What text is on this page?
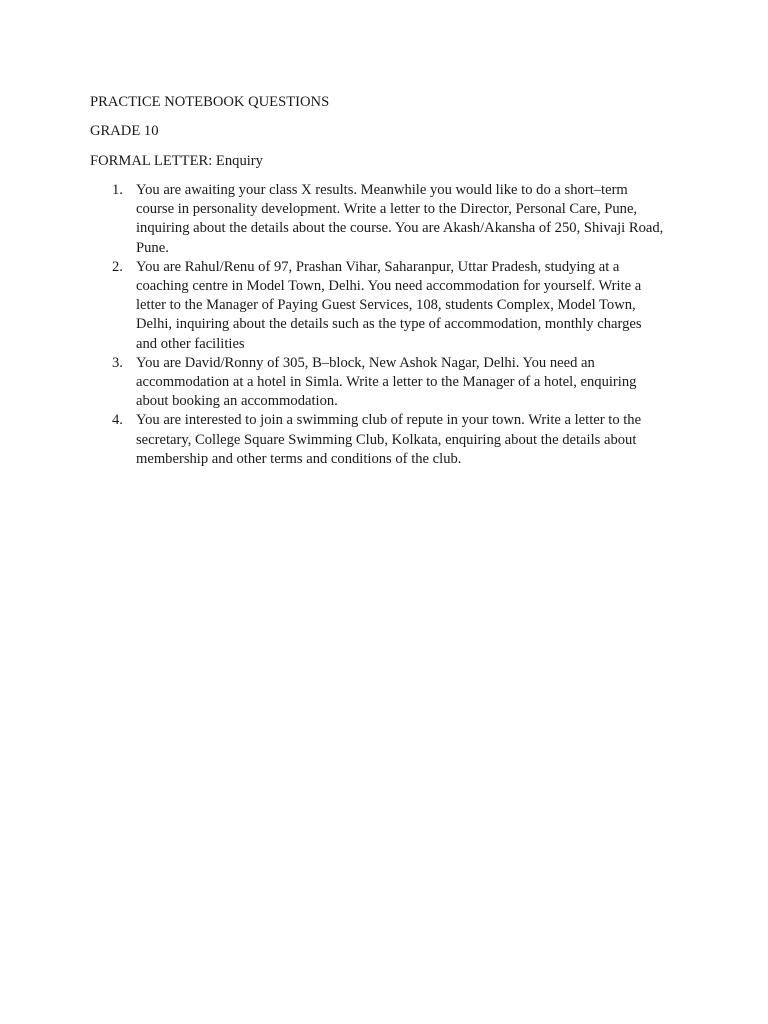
PRACTICE NOTEBOOK QUESTIONS

GRADE 10

FORMAL LETTER: Enquiry

1. You are awaiting your class X results. Meanwhile you would like to do a short–term course in personality development. Write a letter to the Director, Personal Care, Pune, inquiring about the details about the course. You are Akash/Akansha of 250, Shivaji Road, Pune.
2. You are Rahul/Renu of 97, Prashan Vihar, Saharanpur, Uttar Pradesh, studying at a coaching centre in Model Town, Delhi. You need accommodation for yourself. Write a letter to the Manager of Paying Guest Services, 108, students Complex, Model Town, Delhi, inquiring about the details such as the type of accommodation, monthly charges and other facilities
3. You are David/Ronny of 305, B–block, New Ashok Nagar, Delhi. You need an accommodation at a hotel in Simla. Write a letter to the Manager of a hotel, enquiring about booking an accommodation.
4. You are interested to join a swimming club of repute in your town. Write a letter to the secretary, College Square Swimming Club, Kolkata, enquiring about the details about membership and other terms and conditions of the club.
